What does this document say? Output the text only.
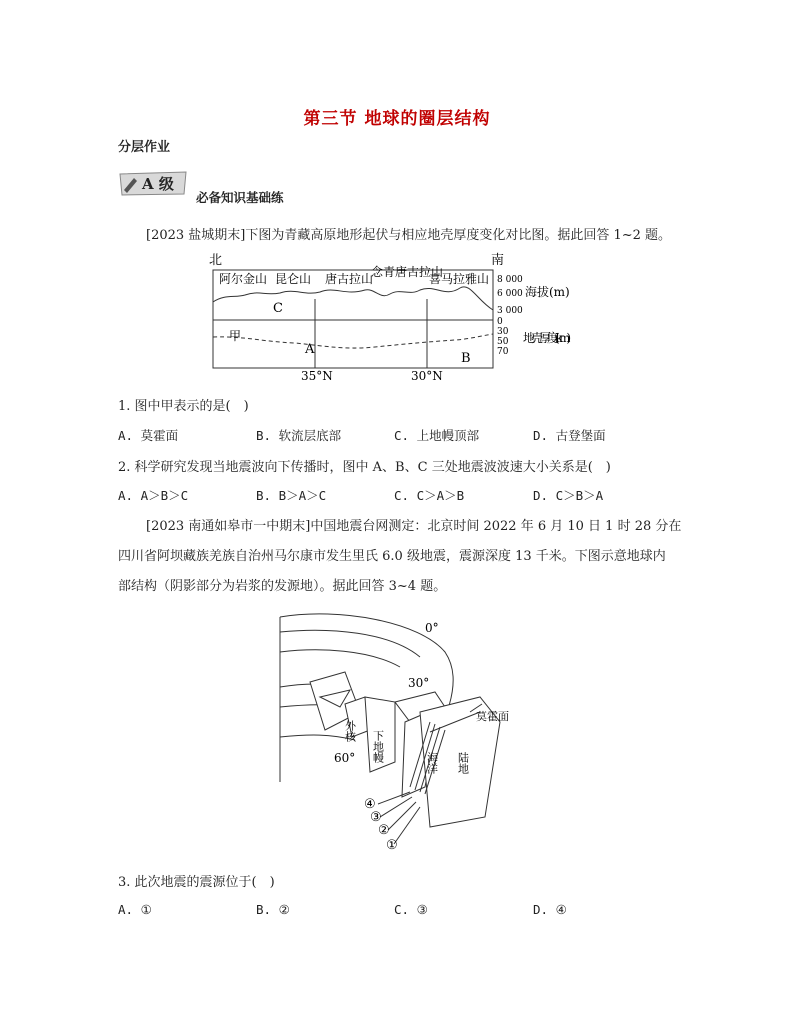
第三节 地球的圈层结构
分层作业
A 级
必备知识基础练
[2023 盐城期末]下图为青藏高原地形起伏与相应地壳厚度变化对比图。据此回答 1~2 题。
北	南
阿尔金山 昆仑山 唐古拉山
念青唐古拉山
喜马拉雅山
C
甲
A
B
35°N	30°N
8 000
6 000
3 000
0
30
50
70
海拔(m)
地壳厚度(km)
1. 图中甲表示的是(　)
A. 莫霍面	B. 软流层底部	C. 上地幔顶部	D. 古登堡面
2. 科学研究发现当地震波向下传播时，图中 A、B、C 三处地震波波速大小关系是(　)
A. A＞B＞C	B. B＞A＞C	C. C＞A＞B	D. C＞B＞A
[2023 南通如皋市一中期末]中国地震台网测定：北京时间 2022 年 6 月 10 日 1 时 28 分在
四川省阿坝藏族羌族自治州马尔康市发生里氏 6.0 级地震，震源深度 13 千米。下图示意地球内
部结构（阴影部分为岩浆的发源地）。据此回答 3~4 题。
0°
30°
60°
外核 下地幔
莫霍面
海洋 陆地
④
③
②
①
3. 此次地震的震源位于(　)
A. ①	B. ②	C. ③	D. ④
